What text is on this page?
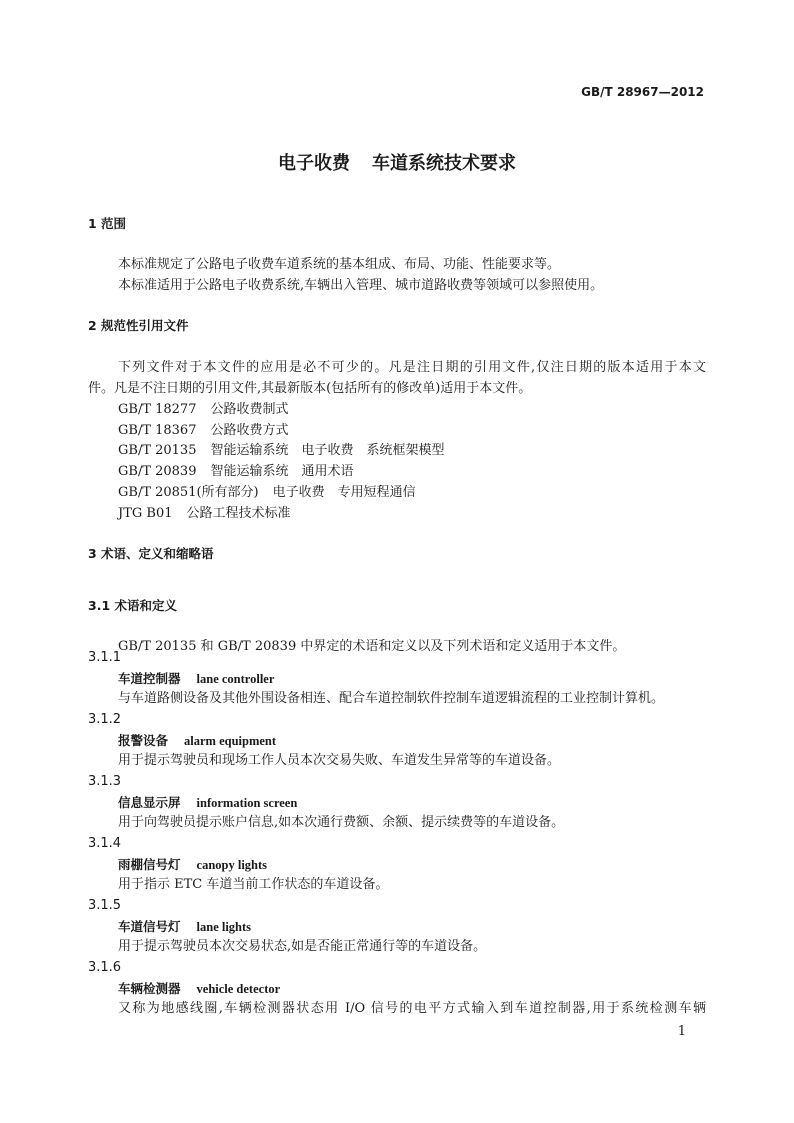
GB/T 28967—2012
电子收费 车道系统技术要求
1 范围
本标准规定了公路电子收费车道系统的基本组成、布局、功能、性能要求等。
本标准适用于公路电子收费系统,车辆出入管理、城市道路收费等领域可以参照使用。
2 规范性引用文件
下列文件对于本文件的应用是必不可少的。凡是注日期的引用文件,仅注日期的版本适用于本文
件。凡是不注日期的引用文件,其最新版本(包括所有的修改单)适用于本文件。
GB/T 18277 公路收费制式
GB/T 18367 公路收费方式
GB/T 20135 智能运输系统　电子收费　系统框架模型
GB/T 20839 智能运输系统　通用术语
GB/T 20851(所有部分) 电子收费　专用短程通信
JTG B01 公路工程技术标准
3 术语、定义和缩略语
3.1 术语和定义
GB/T 20135 和 GB/T 20839 中界定的术语和定义以及下列术语和定义适用于本文件。
3.1.1
车道控制器 lane controller
与车道路侧设备及其他外围设备相连、配合车道控制软件控制车道逻辑流程的工业控制计算机。
3.1.2
报警设备 alarm equipment
用于提示驾驶员和现场工作人员本次交易失败、车道发生异常等的车道设备。
3.1.3
信息显示屏 information screen
用于向驾驶员提示账户信息,如本次通行费额、余额、提示续费等的车道设备。
3.1.4
雨棚信号灯 canopy lights
用于指示 ETC 车道当前工作状态的车道设备。
3.1.5
车道信号灯 lane lights
用于提示驾驶员本次交易状态,如是否能正常通行等的车道设备。
3.1.6
车辆检测器 vehicle detector
又称为地感线圈,车辆检测器状态用 I/O 信号的电平方式输入到车道控制器,用于系统检测车辆
1
